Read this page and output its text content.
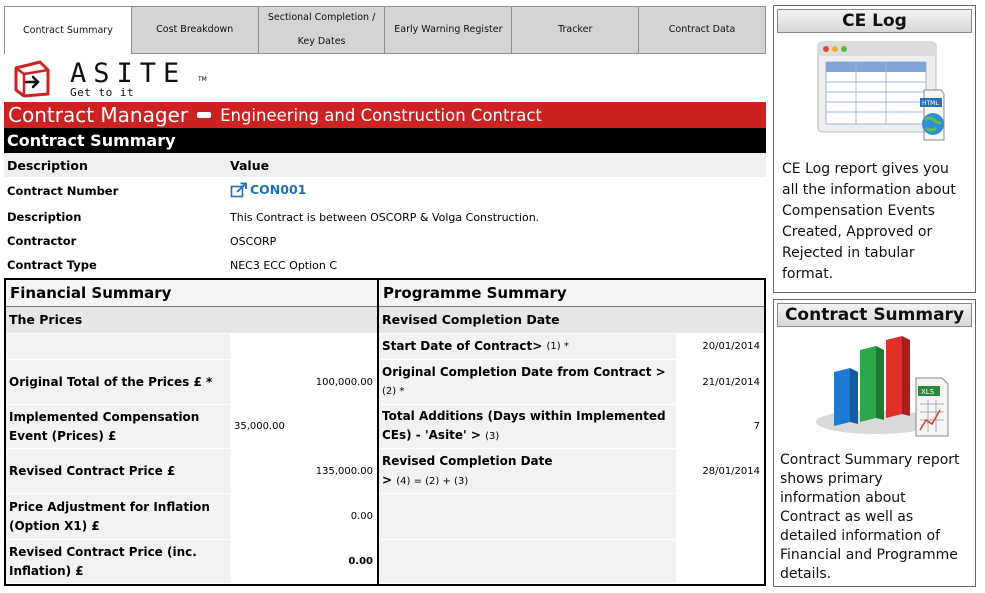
Contract Summary	Cost Breakdown
Sectional Completion / Key Dates
Early Warning Register	Tracker	Contract Data
ASITE TM
Get to it
Contract Manager Engineering and Construction Contract
Contract Summary
Description	Value
Contract Number	CON001
Description	This Contract is between OSCORP & Volga Construction.
Contractor	OSCORP
Contract Type	NEC3 ECC Option C
Financial Summary
The Prices
Original Total of the Prices £ *	100,000.00
Implemented Compensation
Event (Prices) £
35,000.00
Revised Contract Price £	135,000.00
Price Adjustment for Inflation
(Option X1) £
0.00
Revised Contract Price (inc.
Inflation) £
0.00
Programme Summary
Revised Completion Date
Start Date of Contract>
(1) *	20/01/2014
Original Completion Date from Contract >
(2) *
21/01/2014
Total Additions (Days within Implemented
CEs) - 'Asite' > (3)
7
Revised Completion Date
> (4) = (2) + (3)
28/01/2014
CE Log
HTML
CE Log report gives you all the information about Compensation Events Created, Approved or Rejected in tabular format.
Contract Summary
XLS
Contract Summary report shows primary information about Contract as well as detailed information of Financial and Programme details.
